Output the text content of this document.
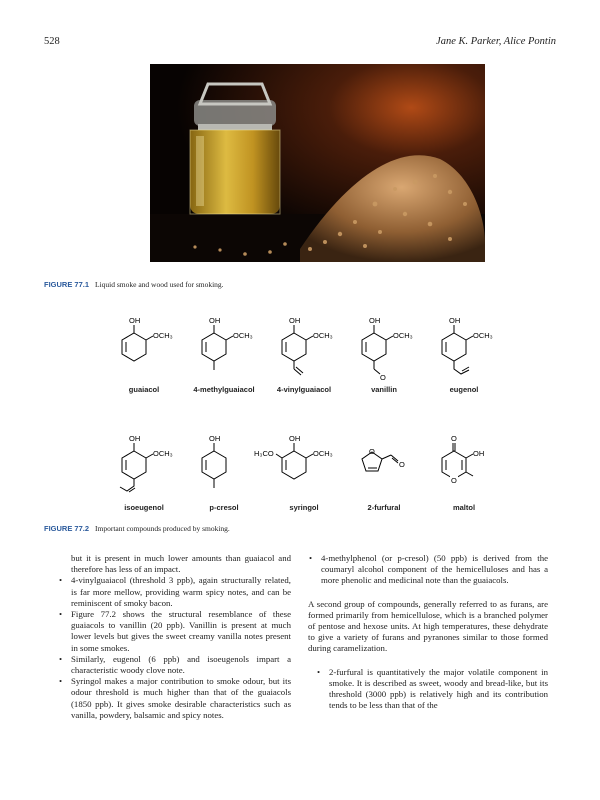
528	Jane K. Parker, Alice Pontin
FIGURE 77.1 Liquid smoke and wood used for smoking.
OH
OCH₃
guaiacol
OH
OCH₃
4-methylguaiacol
OH
OCH₃
4-vinylguaiacol
OH
OCH₃
O
vanillin
OH
OCH₃
eugenol
OH
OCH₃
isoeugenol
OH
p-cresol
OH
OCH₃
H₃CO
syringol
O
O
2-furfural
O
OH
O
maltol
FIGURE 77.2 Important compounds produced by smoking.

but it is present in much lower amounts than guaiacol and therefore has less of an impact.

• 4-vinylguaiacol (threshold 3 ppb), again structurally related, is far more mellow, providing warm spicy notes, and can be reminiscent of smoky bacon.
• Figure 77.2 shows the structural resemblance of these guaiacols to vanillin (20 ppb). Vanillin is present at much lower levels but gives the sweet creamy vanilla notes present in some smokes.
• Similarly, eugenol (6 ppb) and isoeugenols impart a characteristic woody clove note.
• Syringol makes a major contribution to smoke odour, but its odour threshold is much higher than that of the guaiacols (1850 ppb). It gives smoke desirable characteristics such as vanilla, powdery, balsamic and spicy notes.
• 4-methylphenol (or p-cresol) (50 ppb) is derived from the coumaryl alcohol component of the hemicelluloses and has a more phenolic and medicinal note than the guaiacols.

A second group of compounds, generally referred to as furans, are formed primarily from hemicellulose, which is a branched polymer of pentose and hexose units. At high temperatures, these dehydrate to give a variety of furans and pyranones similar to those formed during caramelization.

• 2-furfural is quantitatively the major volatile component in smoke. It is described as sweet, woody and bread-like, but its threshold (3000 ppb) is relatively high and its contribution tends to be less than that of the
